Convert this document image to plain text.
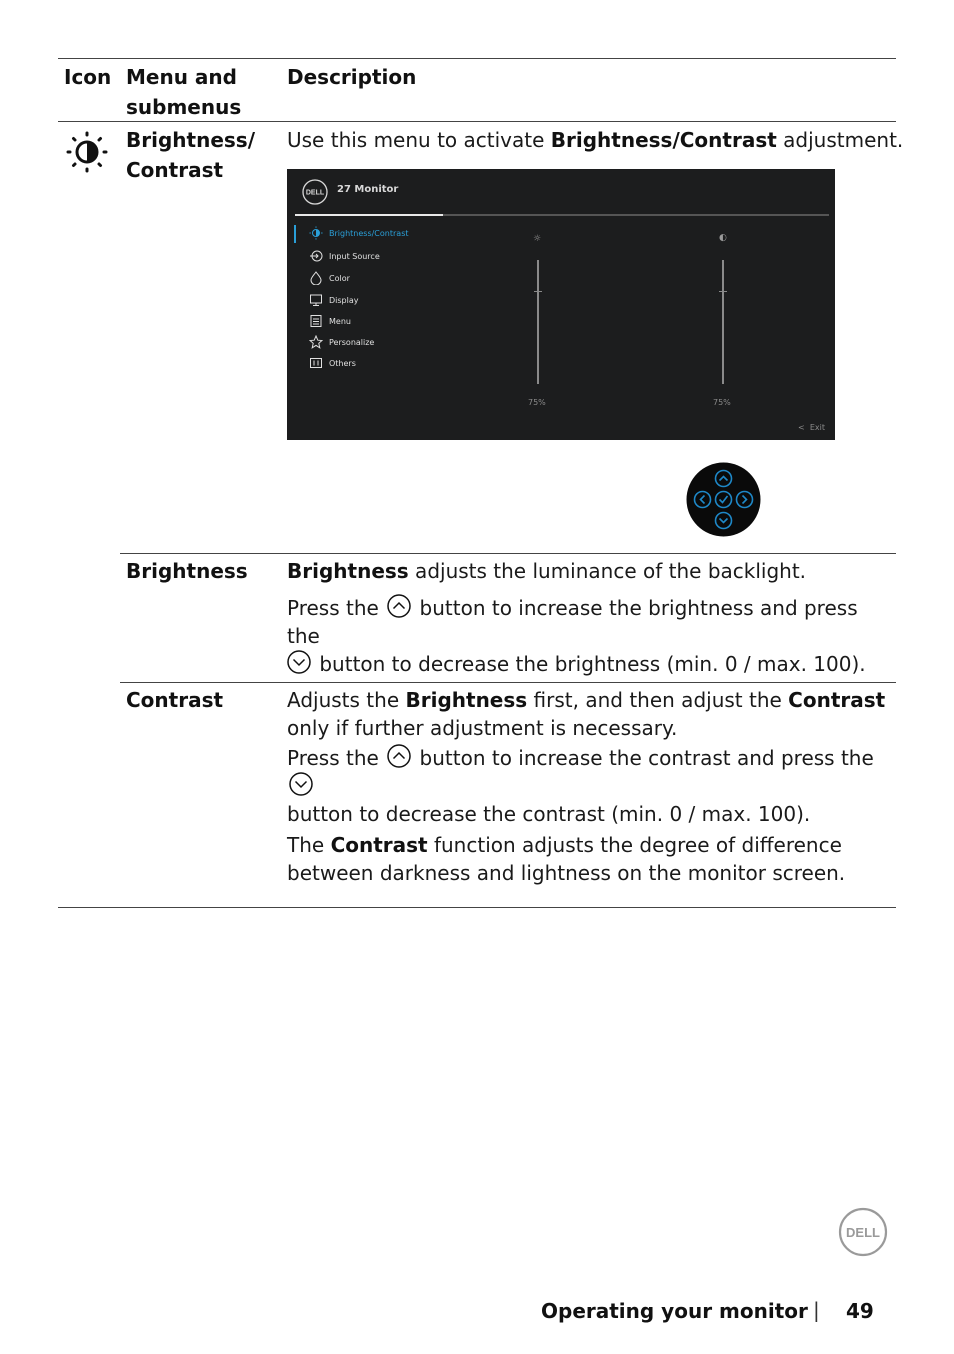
Icon Menu and
submenus
Description
Brightness/
Contrast
Use this menu to activate Brightness/Contrast adjustment.
DELL 27 Monitor
Brightness/Contrast
Input Source
Color
Display
Menu
Personalize
Others
☼
75%
◐
75%
< Exit
Brightness Brightness adjusts the luminance of the backlight.
Press the button to increase the brightness and press the
button to decrease the brightness (min. 0 / max. 100).
Contrast	Adjusts the Brightness first, and then adjust the Contrast
only if further adjustment is necessary.
Press the button to increase the contrast and press the
button to decrease the contrast (min. 0 / max. 100).
The Contrast function adjusts the degree of difference
between darkness and lightness on the monitor screen.
DELL
Operating your monitor | 49
